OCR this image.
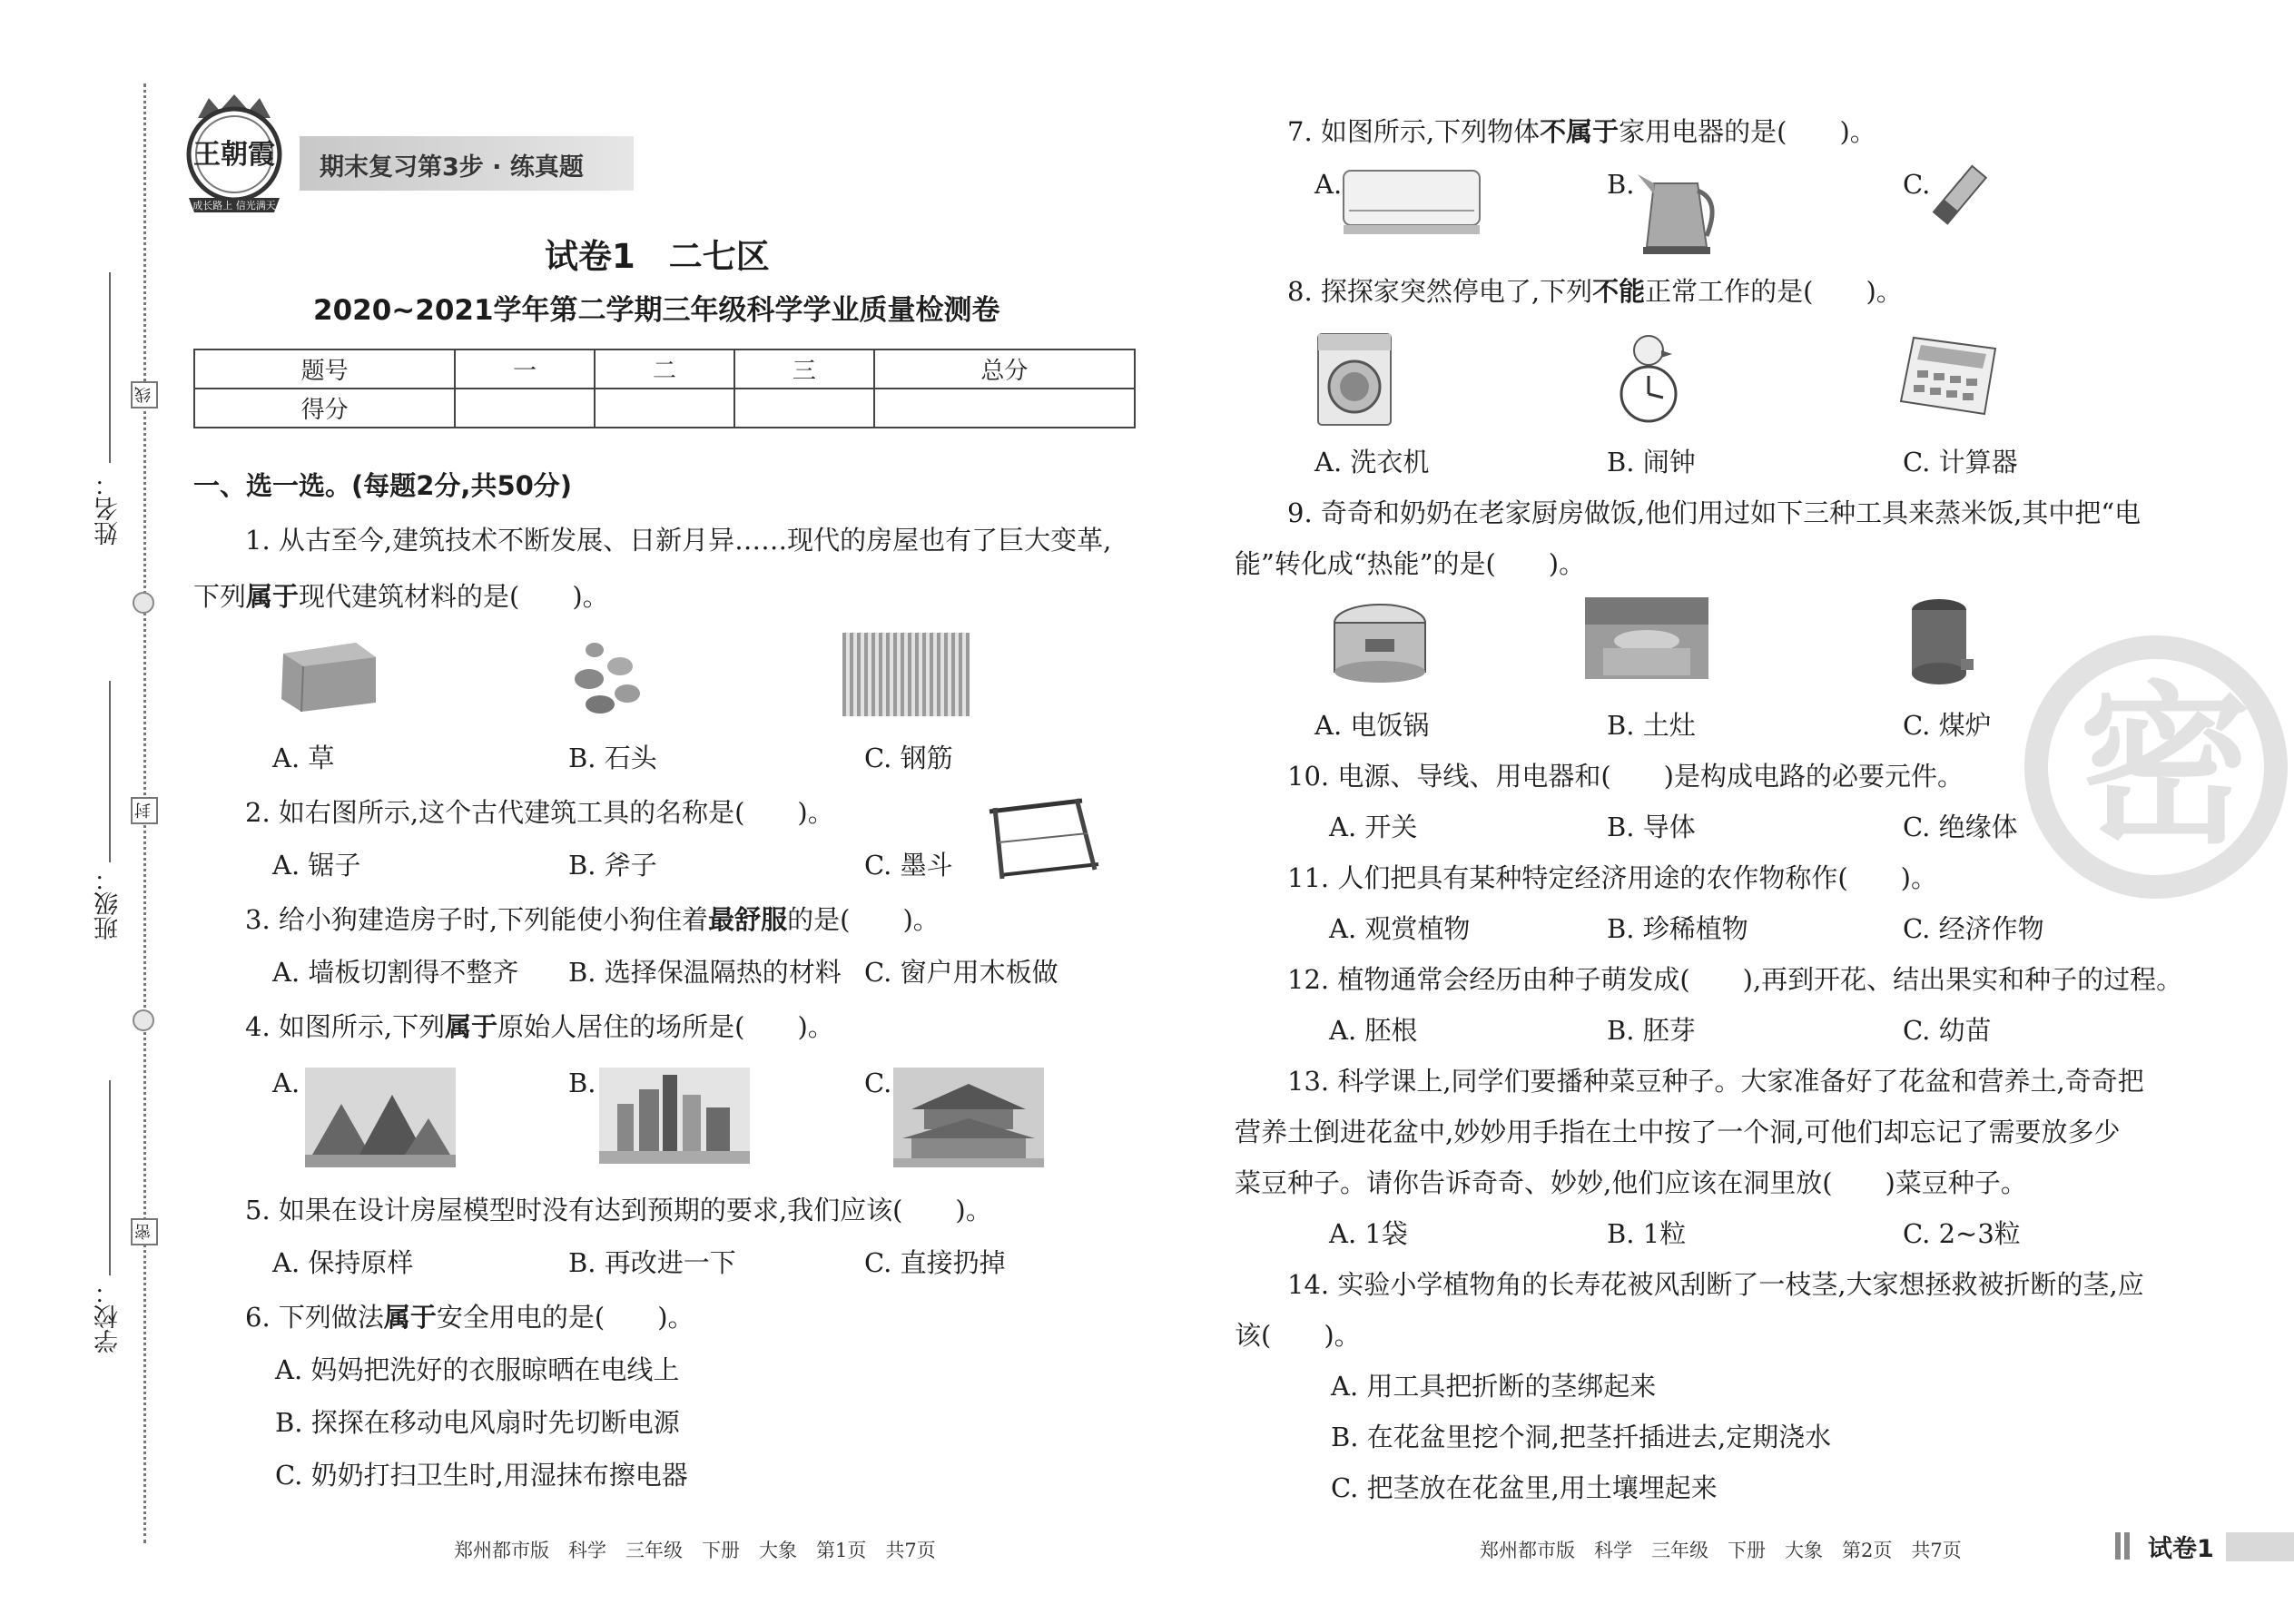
姓名：
班级：
学校：
线
封
密
王朝霞
成长路上 信光满天
期末复习第3步 · 练真题
试卷1　二七区
2020~2021学年第二学期三年级科学学业质量检测卷
题号	一	二	三	总分
得分				
一、选一选。(每题2分,共50分)
1. 从古至今,建筑技术不断发展、日新月异……现代的房屋也有了巨大变革,
下列属于现代建筑材料的是(　　)。
A. 草	B. 石头	C. 钢筋
2. 如右图所示,这个古代建筑工具的名称是(　　)。
A. 锯子	B. 斧子	C. 墨斗
3. 给小狗建造房子时,下列能使小狗住着最舒服的是(　　)。
A. 墙板切割得不整齐 B. 选择保温隔热的材料 C. 窗户用木板做
4. 如图所示,下列属于原始人居住的场所是(　　)。
A.	B.	C.
5. 如果在设计房屋模型时没有达到预期的要求,我们应该(　　)。
A. 保持原样	B. 再改进一下	C. 直接扔掉
6. 下列做法属于安全用电的是(　　)。
A. 妈妈把洗好的衣服晾晒在电线上
B. 探探在移动电风扇时先切断电源
C. 奶奶打扫卫生时,用湿抹布擦电器
7. 如图所示,下列物体不属于家用电器的是(　　)。
A.	B.	C.
8. 探探家突然停电了,下列不能正常工作的是(　　)。
A. 洗衣机	B. 闹钟	C. 计算器
9. 奇奇和奶奶在老家厨房做饭,他们用过如下三种工具来蒸米饭,其中把“电
能”转化成“热能”的是(　　)。
A. 电饭锅	B. 土灶	C. 煤炉
10. 电源、导线、用电器和(　　)是构成电路的必要元件。
A. 开关	B. 导体	C. 绝缘体
11. 人们把具有某种特定经济用途的农作物称作(　　)。
A. 观赏植物	B. 珍稀植物	C. 经济作物
12. 植物通常会经历由种子萌发成(　　),再到开花、结出果实和种子的过程。
A. 胚根	B. 胚芽	C. 幼苗
13. 科学课上,同学们要播种菜豆种子。大家准备好了花盆和营养土,奇奇把
营养土倒进花盆中,妙妙用手指在土中按了一个洞,可他们却忘记了需要放多少
菜豆种子。请你告诉奇奇、妙妙,他们应该在洞里放(　　)菜豆种子。
A. 1袋	B. 1粒	C. 2~3粒
14. 实验小学植物角的长寿花被风刮断了一枝茎,大家想拯救被折断的茎,应
该(　　)。
A. 用工具把折断的茎绑起来
B. 在花盆里挖个洞,把茎扦插进去,定期浇水
C. 把茎放在花盆里,用土壤埋起来
密
郑州都市版　科学　三年级　下册　大象　第1页　共7页	郑州都市版　科学　三年级　下册　大象　第2页　共7页	试卷1
